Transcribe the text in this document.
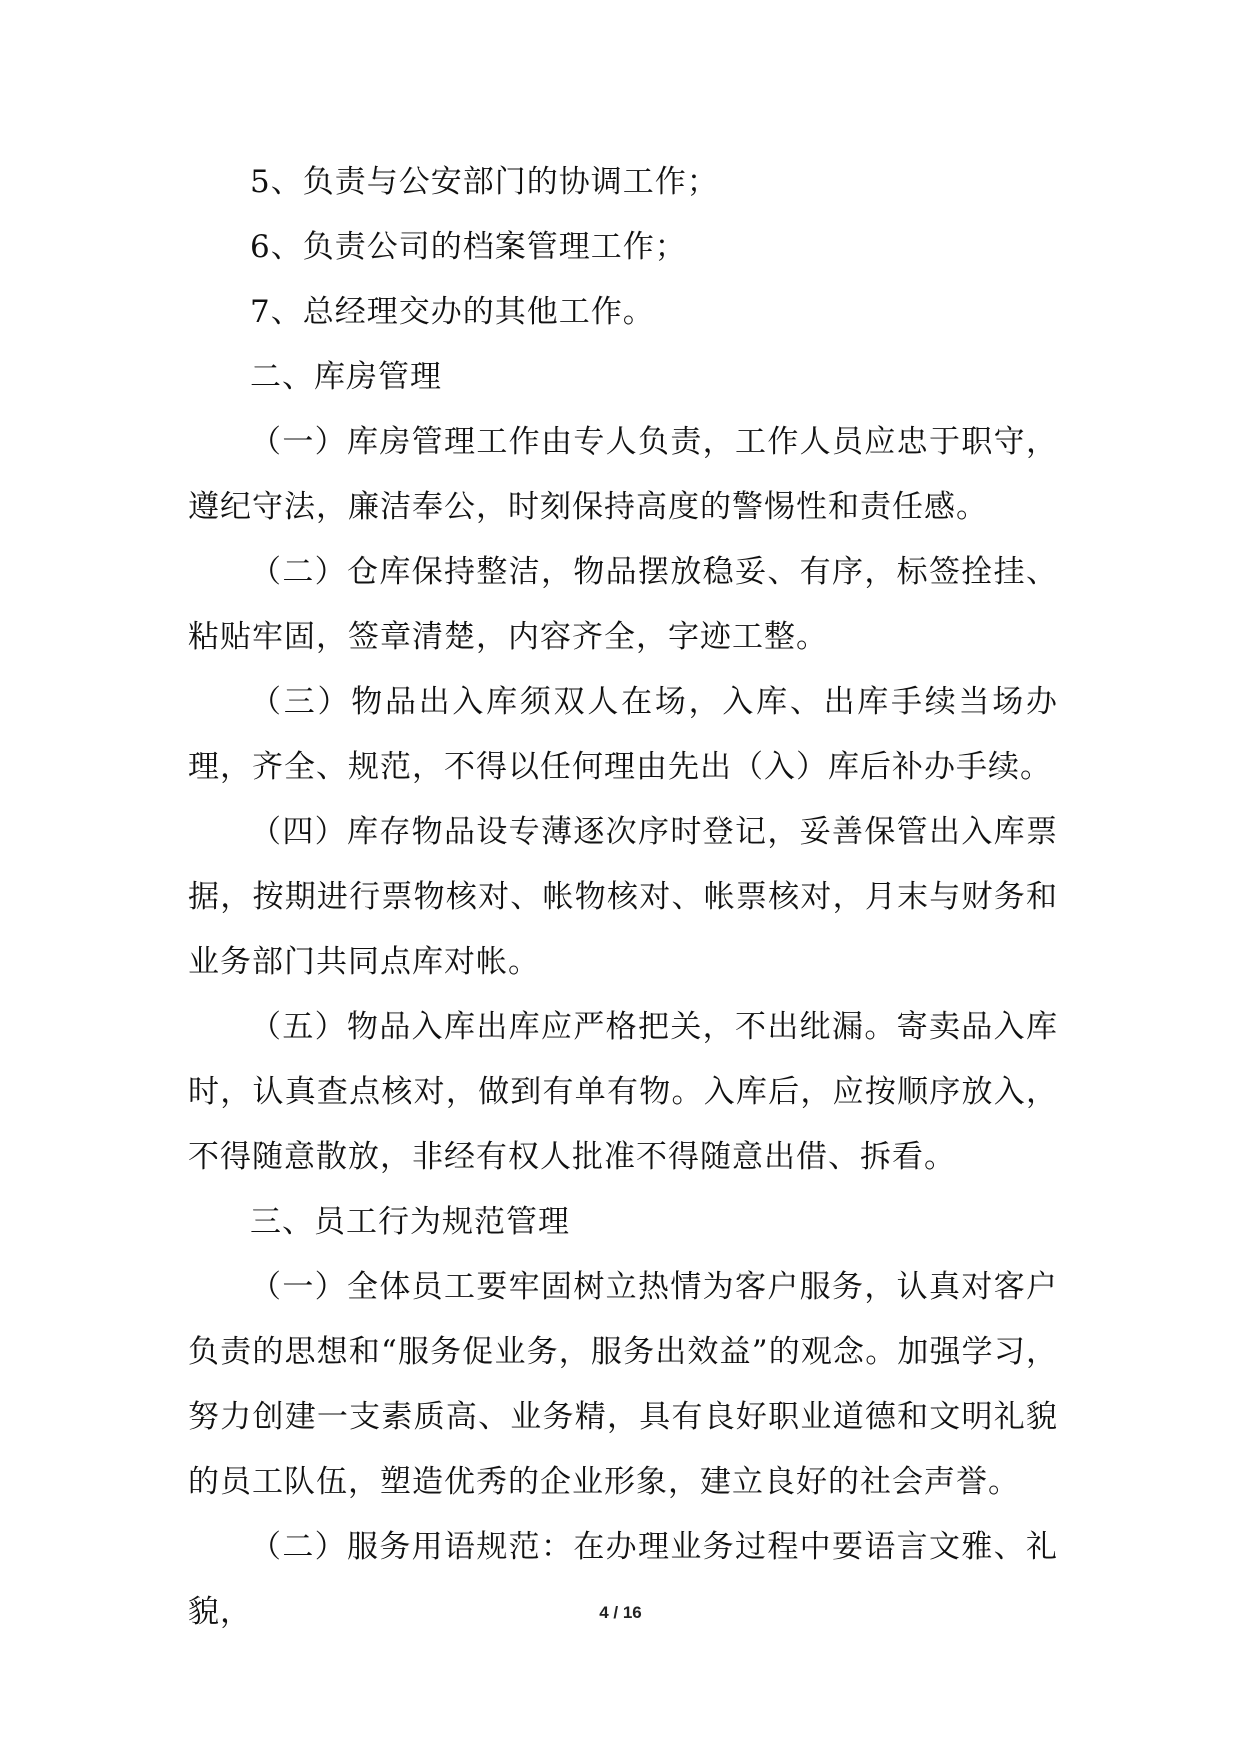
5、负责与公安部门的协调工作；

6、负责公司的档案管理工作；

7、总经理交办的其他工作。

二、库房管理

（一）库房管理工作由专人负责，工作人员应忠于职守，遵纪守法，廉洁奉公，时刻保持高度的警惕性和责任感。

（二）仓库保持整洁，物品摆放稳妥、有序，标签拴挂、粘贴牢固，签章清楚，内容齐全，字迹工整。

（三）物品出入库须双人在场，入库、出库手续当场办理，齐全、规范，不得以任何理由先出（入）库后补办手续。

（四）库存物品设专薄逐次序时登记，妥善保管出入库票据，按期进行票物核对、帐物核对、帐票核对，月末与财务和业务部门共同点库对帐。

（五）物品入库出库应严格把关，不出纰漏。寄卖品入库时，认真查点核对，做到有单有物。入库后，应按顺序放入，不得随意散放，非经有权人批准不得随意出借、拆看。

三、员工行为规范管理

（一）全体员工要牢固树立热情为客户服务，认真对客户负责的思想和“服务促业务，服务出效益”的观念。加强学习，努力创建一支素质高、业务精，具有良好职业道德和文明礼貌的员工队伍，塑造优秀的企业形象，建立良好的社会声誉。

（二）服务用语规范：在办理业务过程中要语言文雅、礼貌，	4 / 16
